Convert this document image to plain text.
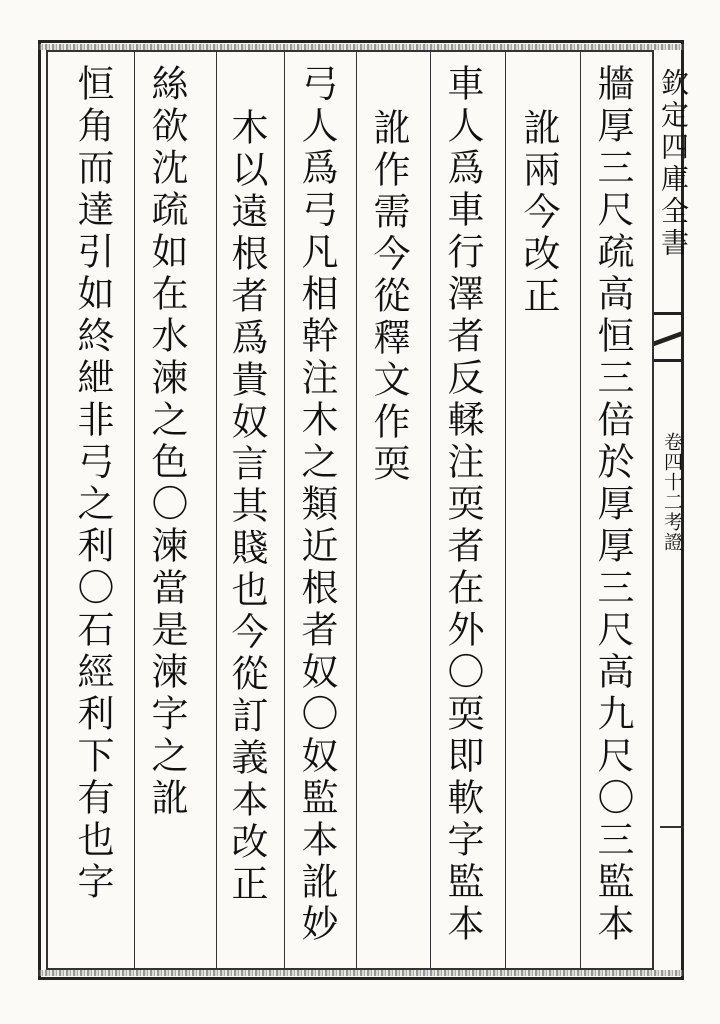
欽定四庫全書
卷四十二考證
牆厚三尺疏高恒三倍於厚厚三尺高九尺〇三監本
訛兩今改正
車人爲車行澤者反輮注耎者在外〇耎即軟字監本
訛作需今從釋文作耎
弓人爲弓凡相幹注木之類近根者奴〇奴監本訛妙
木以遠根者爲貴奴言其賤也今從訂義本改正
絲欲沈疏如在水湅之色〇湅當是湅字之訛
恒角而達引如終紲非弓之利〇石經利下有也字
